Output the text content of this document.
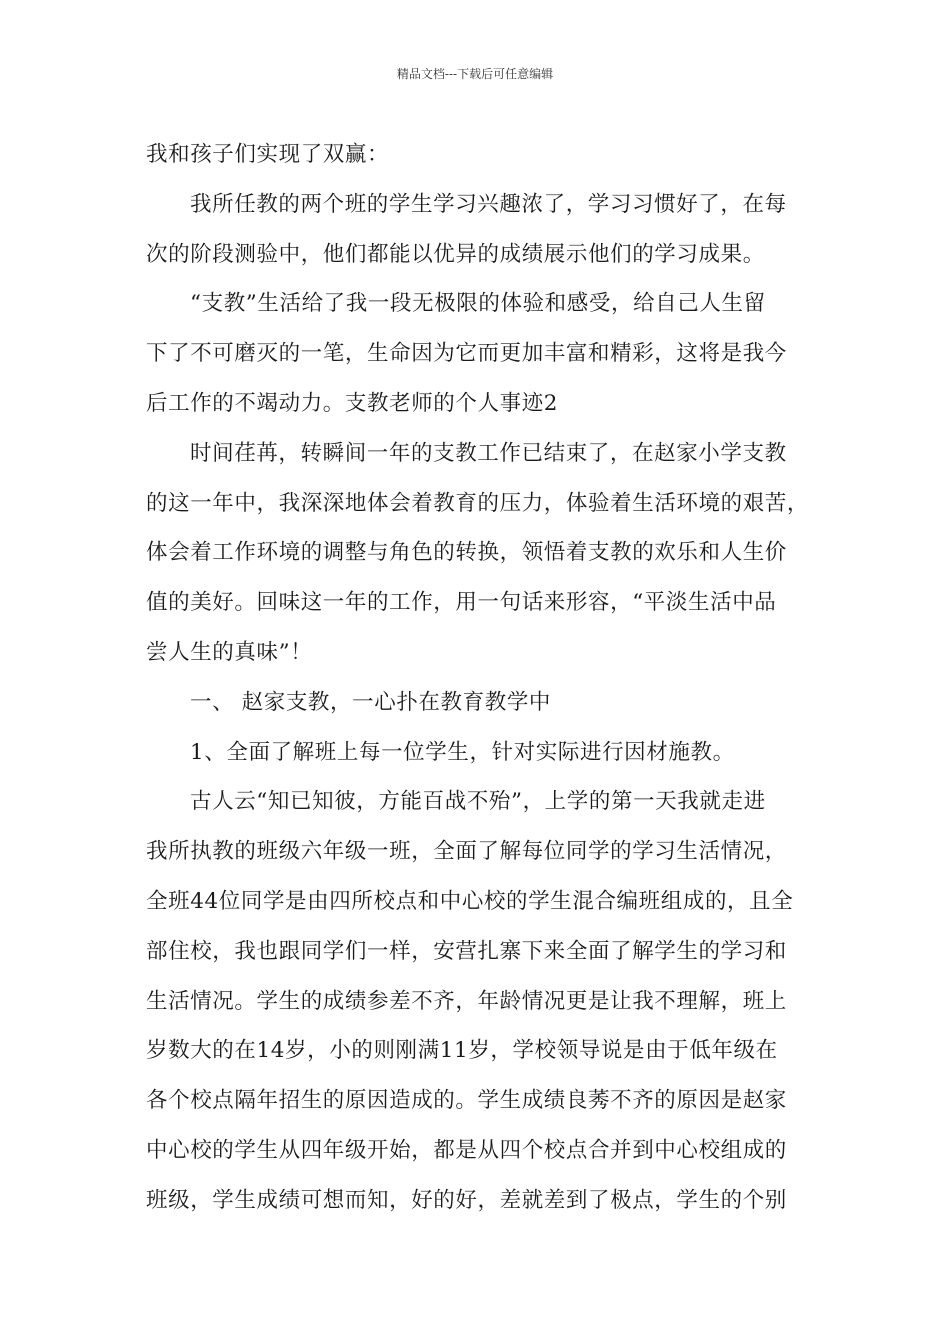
精品文档---下载后可任意编辑
我和孩子们实现了双赢：
我所任教的两个班的学生学习兴趣浓了，学习习惯好了，在每
次的阶段测验中，他们都能以优异的成绩展示他们的学习成果。
“支教”生活给了我一段无极限的体验和感受，给自己人生留
下了不可磨灭的一笔，生命因为它而更加丰富和精彩，这将是我今
后工作的不竭动力。支教老师的个人事迹2
时间荏苒，转瞬间一年的支教工作已结束了，在赵家小学支教
的这一年中，我深深地体会着教育的压力，体验着生活环境的艰苦，
体会着工作环境的调整与角色的转换，领悟着支教的欢乐和人生价
值的美好。回味这一年的工作，用一句话来形容，“平淡生活中品
尝人生的真味”！
一、 赵家支教，一心扑在教育教学中
1、全面了解班上每一位学生，针对实际进行因材施教。
古人云“知已知彼，方能百战不殆”，上学的第一天我就走进
我所执教的班级六年级一班，全面了解每位同学的学习生活情况，
全班44位同学是由四所校点和中心校的学生混合编班组成的，且全
部住校，我也跟同学们一样，安营扎寨下来全面了解学生的学习和
生活情况。学生的成绩参差不齐，年龄情况更是让我不理解，班上
岁数大的在14岁，小的则刚满11岁，学校领导说是由于低年级在
各个校点隔年招生的原因造成的。学生成绩良莠不齐的原因是赵家
中心校的学生从四年级开始，都是从四个校点合并到中心校组成的
班级，学生成绩可想而知，好的好，差就差到了极点，学生的个别
